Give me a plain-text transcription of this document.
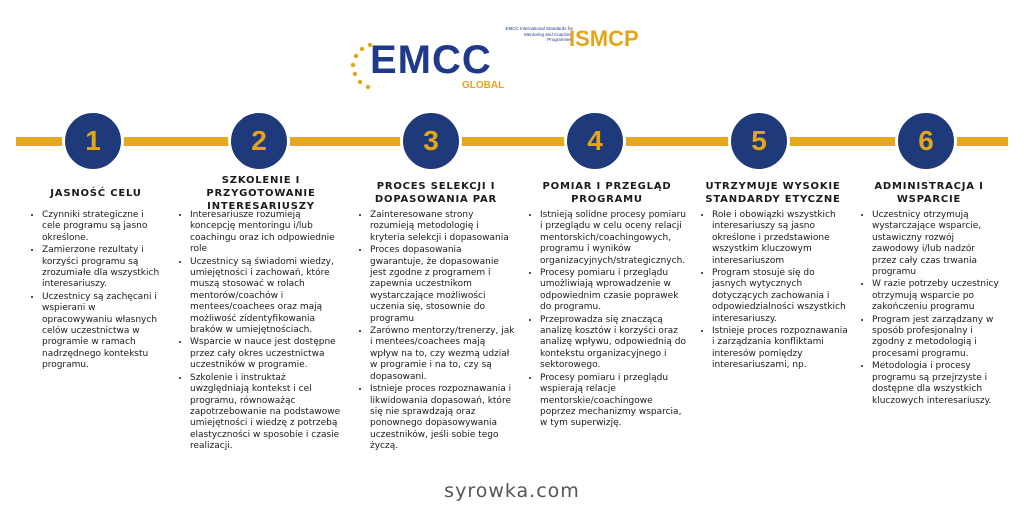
EMCC
GLOBAL
EMCC International Standards for Mentoring and Coaching Programmes
ISMCP
1	2	3	4	5	6
JASNOŚĆ CELU
• Czynniki strategiczne i cele programu są jasno określone.
• Zamierzone rezultaty i korzyści programu są zrozumiałe dla wszystkich interesariuszy.
• Uczestnicy są zachęcani i wspierani w opracowywaniu własnych celów uczestnictwa w programie w ramach nadrzędnego kontekstu programu.
SZKOLENIE I PRZYGOTOWANIE INTERESARIUSZY
• Interesariusze rozumieją koncepcję mentoringu i/lub coachingu oraz ich odpowiednie role
• Uczestnicy są świadomi wiedzy, umiejętności i zachowań, które muszą stosować w rolach mentorów/coachów i mentees/coachees oraz mają możliwość zidentyfikowania braków w umiejętnościach.
• Wsparcie w nauce jest dostępne przez cały okres uczestnictwa uczestników w programie.
• Szkolenie i instruktaż uwzględniają kontekst i cel programu, równoważąc zapotrzebowanie na podstawowe umiejętności i wiedzę z potrzebą elastyczności w sposobie i czasie realizacji.
PROCES SELEKCJI I DOPASOWANIA PAR
• Zainteresowane strony rozumieją metodologię i kryteria selekcji i dopasowania
• Proces dopasowania gwarantuje, że dopasowanie jest zgodne z programem i zapewnia uczestnikom wystarczające możliwości uczenia się, stosownie do programu
• Zarówno mentorzy/trenerzy, jak i mentees/coachees mają wpływ na to, czy wezmą udział w programie i na to, czy są dopasowani.
• Istnieje proces rozpoznawania i likwidowania dopasowań, które się nie sprawdzają oraz ponownego dopasowywania uczestników, jeśli sobie tego życzą.
POMIAR I PRZEGLĄD PROGRAMU
• Istnieją solidne procesy pomiaru i przeglądu w celu oceny relacji mentorskich/coachingowych, programu i wyników organizacyjnych/strategicznych.
• Procesy pomiaru i przeglądu umożliwiają wprowadzenie w odpowiednim czasie poprawek do programu.
• Przeprowadza się znaczącą analizę kosztów i korzyści oraz analizę wpływu, odpowiednią do kontekstu organizacyjnego i sektorowego.
• Procesy pomiaru i przeglądu wspierają relacje mentorskie/coachingowe poprzez mechanizmy wsparcia, w tym superwizję.
UTRZYMUJE WYSOKIE STANDARDY ETYCZNE
• Role i obowiązki wszystkich interesariuszy są jasno określone i przedstawione wszystkim kluczowym interesariuszom
• Program stosuje się do jasnych wytycznych dotyczących zachowania i odpowiedzialności wszystkich interesariuszy.
• Istnieje proces rozpoznawania i zarządzania konfliktami interesów pomiędzy interesariuszami, np.
ADMINISTRACJA I WSPARCIE
• Uczestnicy otrzymują wystarczające wsparcie, ustawiczny rozwój zawodowy i/lub nadzór przez cały czas trwania programu
• W razie potrzeby uczestnicy otrzymują wsparcie po zakończeniu programu
• Program jest zarządzany w sposób profesjonalny i zgodny z metodologią i procesami programu.
• Metodologia i procesy programu są przejrzyste i dostępne dla wszystkich kluczowych interesariuszy.
syrowka.com
